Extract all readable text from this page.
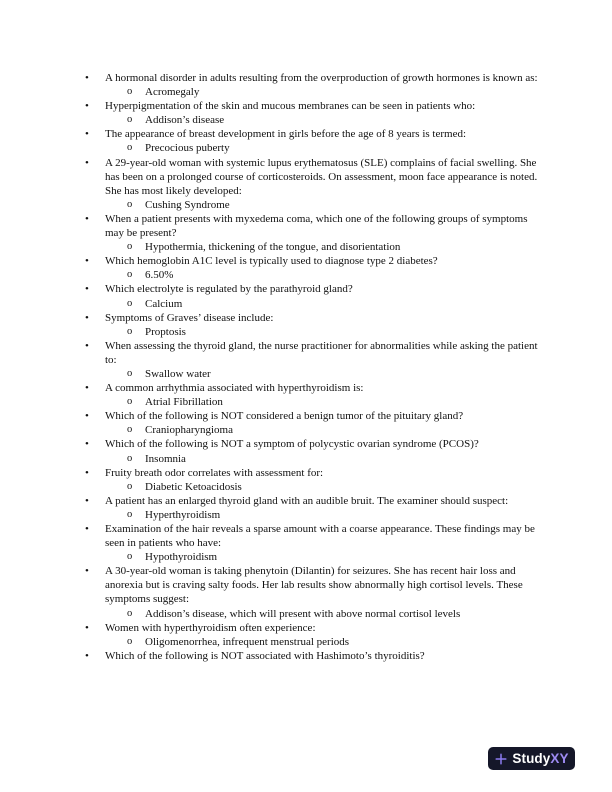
• A hormonal disorder in adults resulting from the overproduction of growth hormones is known as:
o Acromegaly
• Hyperpigmentation of the skin and mucous membranes can be seen in patients who:
o Addison’s disease
• The appearance of breast development in girls before the age of 8 years is termed:
o Precocious puberty
• A 29-year-old woman with systemic lupus erythematosus (SLE) complains of facial swelling. She has been on a prolonged course of corticosteroids. On assessment, moon face appearance is noted. She has most likely developed:
o Cushing Syndrome
• When a patient presents with myxedema coma, which one of the following groups of symptoms may be present?
o Hypothermia, thickening of the tongue, and disorientation
• Which hemoglobin A1C level is typically used to diagnose type 2 diabetes?
o 6.50%
• Which electrolyte is regulated by the parathyroid gland?
o Calcium
• Symptoms of Graves’ disease include:
o Proptosis
• When assessing the thyroid gland, the nurse practitioner for abnormalities while asking the patient to:
o Swallow water
• A common arrhythmia associated with hyperthyroidism is:
o Atrial Fibrillation
• Which of the following is NOT considered a benign tumor of the pituitary gland?
o Craniopharyngioma
• Which of the following is NOT a symptom of polycystic ovarian syndrome (PCOS)?
o Insomnia
• Fruity breath odor correlates with assessment for:
o Diabetic Ketoacidosis
• A patient has an enlarged thyroid gland with an audible bruit. The examiner should suspect:
o Hyperthyroidism
• Examination of the hair reveals a sparse amount with a coarse appearance. These findings may be seen in patients who have:
o Hypothyroidism
• A 30-year-old woman is taking phenytoin (Dilantin) for seizures. She has recent hair loss and anorexia but is craving salty foods. Her lab results show abnormally high cortisol levels. These symptoms suggest:
o Addison’s disease, which will present with above normal cortisol levels
• Women with hyperthyroidism often experience:
o Oligomenorrhea, infrequent menstrual periods
• Which of the following is NOT associated with Hashimoto’s thyroiditis?
StudyXY
